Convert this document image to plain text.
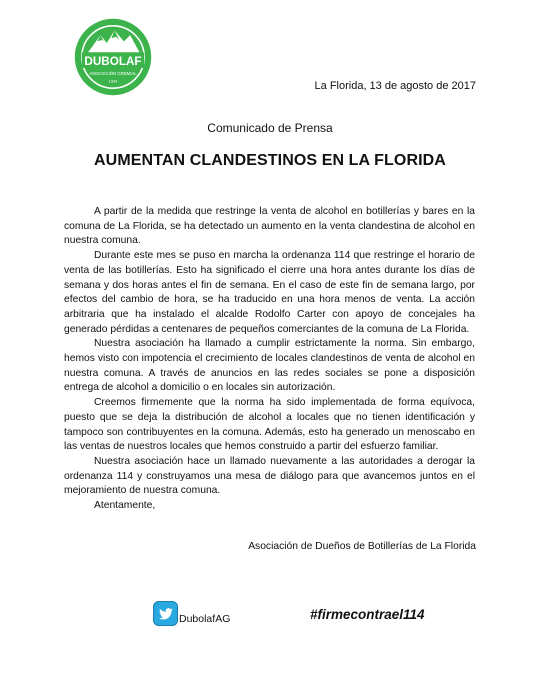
DUBOLAF
ASOCIACIÓN GREMIAL
1994	La Florida, 13 de agosto de 2017
Comunicado de Prensa
AUMENTAN CLANDESTINOS EN LA FLORIDA

A partir de la medida que restringe la venta de alcohol en botillerías y bares en la comuna de La Florida, se ha detectado un aumento en la venta clandestina de alcohol en nuestra comuna.

Durante este mes se puso en marcha la ordenanza 114 que restringe el horario de venta de las botillerías. Esto ha significado el cierre una hora antes durante los días de semana y dos horas antes el fin de semana. En el caso de este fin de semana largo, por efectos del cambio de hora, se ha traducido en una hora menos de venta. La acción arbitraria que ha instalado el alcalde Rodolfo Carter con apoyo de concejales ha generado pérdidas a centenares de pequeños comerciantes de la comuna de La Florida.

Nuestra asociación ha llamado a cumplir estrictamente la norma. Sin embargo, hemos visto con impotencia el crecimiento de locales clandestinos de venta de alcohol en nuestra comuna. A través de anuncios en las redes sociales se pone a disposición entrega de alcohol a domicilio o en locales sin autorización.

Creemos firmemente que la norma ha sido implementada de forma equívoca, puesto que se deja la distribución de alcohol a locales que no tienen identificación y tampoco son contribuyentes en la comuna. Además, esto ha generado un menoscabo en las ventas de nuestros locales que hemos construido a partir del esfuerzo familiar.

Nuestra asociación hace un llamado nuevamente a las autoridades a derogar la ordenanza 114 y construyamos una mesa de diálogo para que avancemos juntos en el mejoramiento de nuestra comuna.

Atentamente,

Asociación de Dueños de Botillerías de La Florida
DubolafAG	#firmecontrael114
